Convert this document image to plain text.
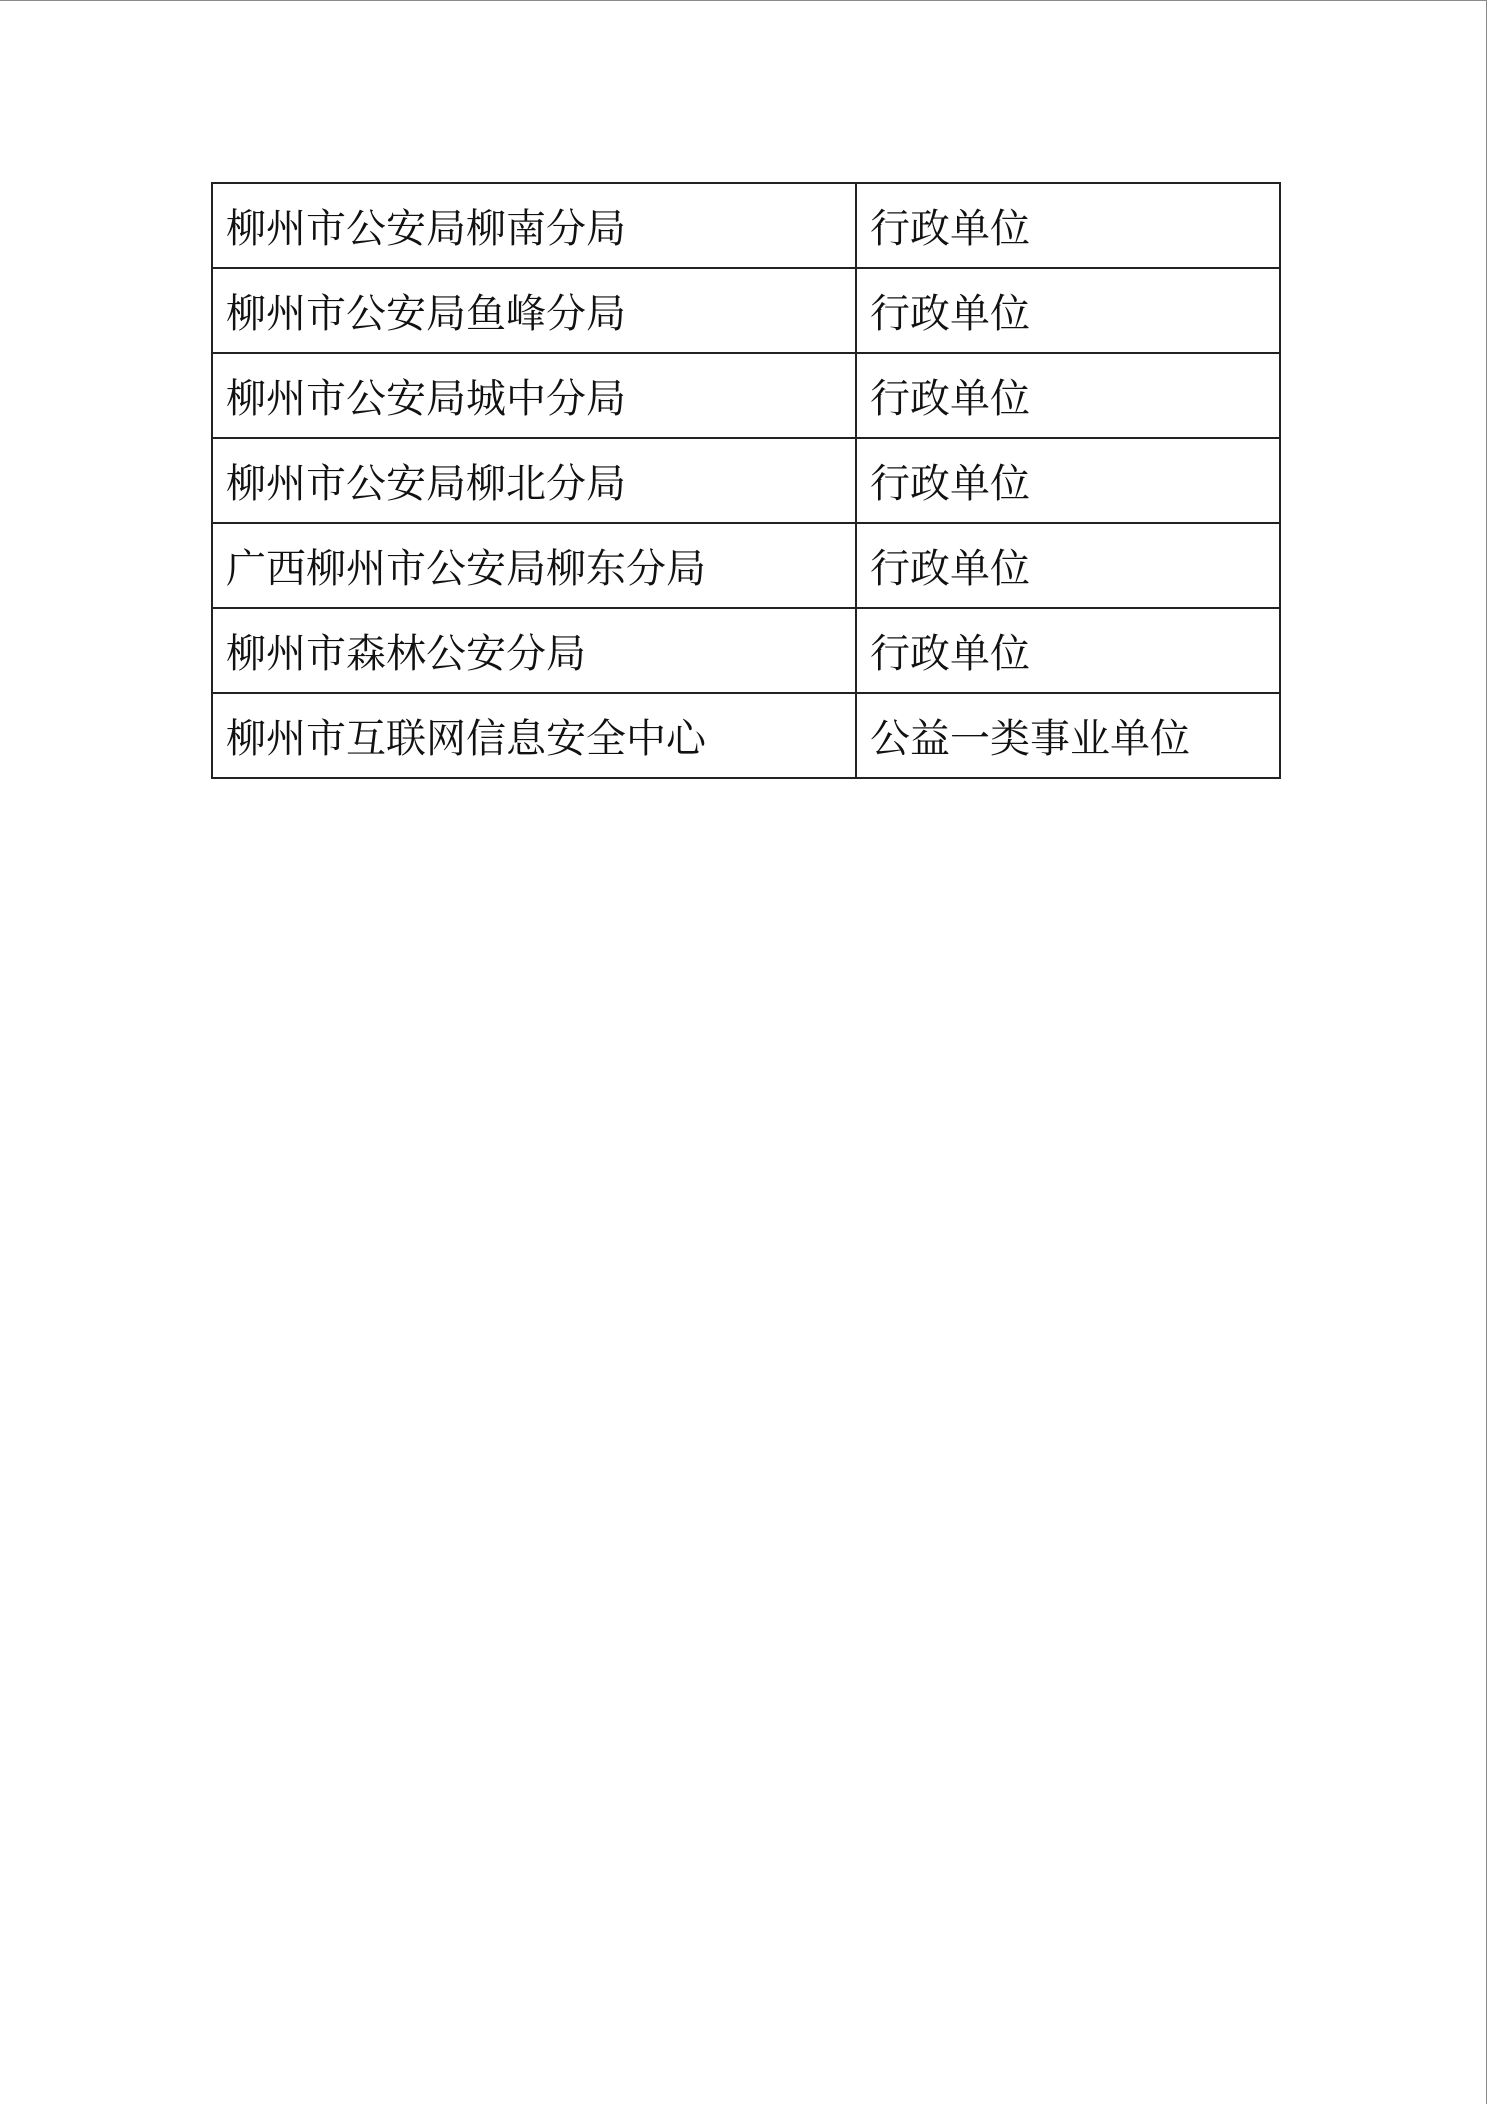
柳州市公安局柳南分局	行政单位
柳州市公安局鱼峰分局	行政单位
柳州市公安局城中分局	行政单位
柳州市公安局柳北分局	行政单位
广西柳州市公安局柳东分局	行政单位
柳州市森林公安分局	行政单位
柳州市互联网信息安全中心	公益一类事业单位
